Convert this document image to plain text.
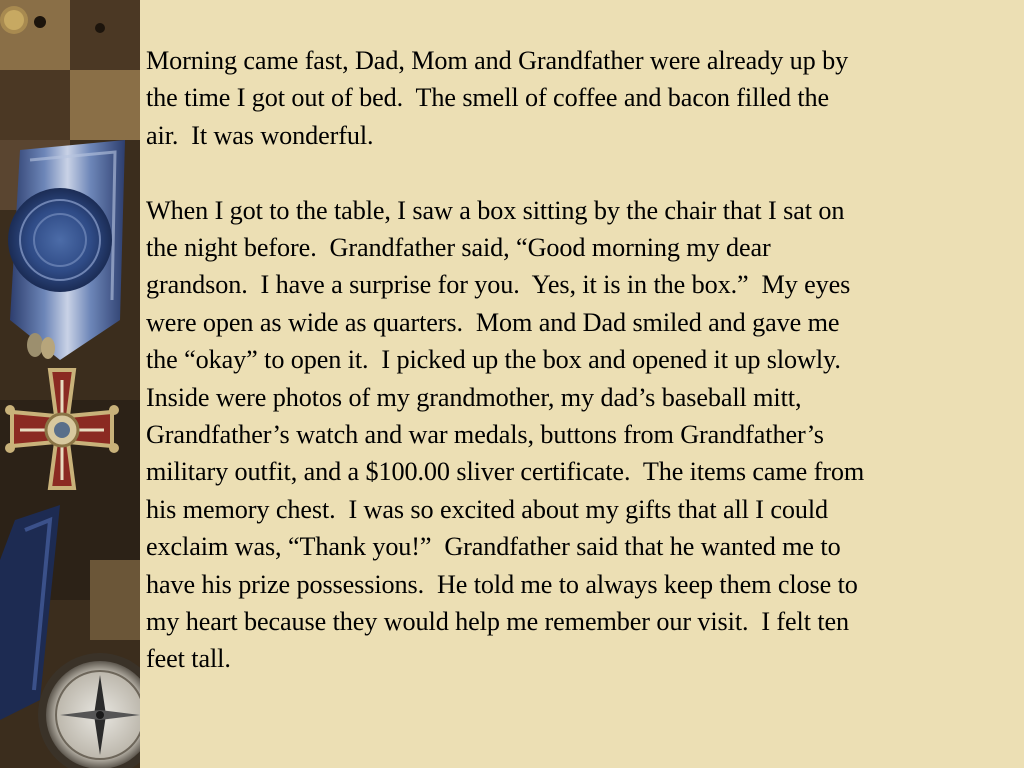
Morning came fast, Dad, Mom and Grandfather were already up by
the time I got out of bed.  The smell of coffee and bacon filled the
air.  It was wonderful.

When I got to the table, I saw a box sitting by the chair that I sat on
the night before.  Grandfather said, “Good morning my dear
grandson.  I have a surprise for you.  Yes, it is in the box.”  My eyes
were open as wide as quarters.  Mom and Dad smiled and gave me
the “okay” to open it.  I picked up the box and opened it up slowly.
Inside were photos of my grandmother, my dad’s baseball mitt,
Grandfather’s watch and war medals, buttons from Grandfather’s
military outfit, and a $100.00 sliver certificate.  The items came from
his memory chest.  I was so excited about my gifts that all I could
exclaim was, “Thank you!”  Grandfather said that he wanted me to
have his prize possessions.  He told me to always keep them close to
my heart because they would help me remember our visit.  I felt ten
feet tall.
